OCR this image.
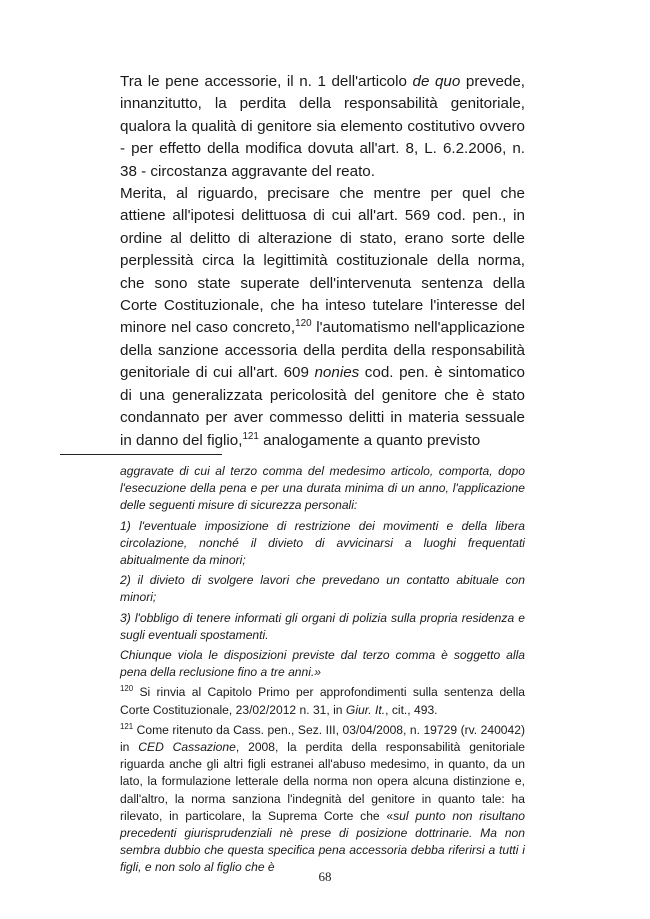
Tra le pene accessorie, il n. 1 dell'articolo de quo prevede, innanzitutto, la perdita della responsabilità genitoriale, qualora la qualità di genitore sia elemento costitutivo ovvero - per effetto della modifica dovuta all'art. 8, L. 6.2.2006, n. 38 - circostanza aggravante del reato.

Merita, al riguardo, precisare che mentre per quel che attiene all'ipotesi delittuosa di cui all'art. 569 cod. pen., in ordine al delitto di alterazione di stato, erano sorte delle perplessità circa la legittimità costituzionale della norma, che sono state superate dell'intervenuta sentenza della Corte Costituzionale, che ha inteso tutelare l'interesse del minore nel caso concreto,$^{120}$ l'automatismo nell'applicazione della sanzione accessoria della perdita della responsabilità genitoriale di cui all'art. 609 nonies cod. pen. è sintomatico di una generalizzata pericolosità del genitore che è stato condannato per aver commesso delitti in materia sessuale in danno del figlio,$^{121}$ analogamente a quanto previsto

aggravate di cui al terzo comma del medesimo articolo, comporta, dopo l'esecuzione della pena e per una durata minima di un anno, l'applicazione delle seguenti misure di sicurezza personali:

1) l'eventuale imposizione di restrizione dei movimenti e della libera circolazione, nonché il divieto di avvicinarsi a luoghi frequentati abitualmente da minori;

2) il divieto di svolgere lavori che prevedano un contatto abituale con minori;

3) l'obbligo di tenere informati gli organi di polizia sulla propria residenza e sugli eventuali spostamenti.

Chiunque viola le disposizioni previste dal terzo comma è soggetto alla pena della reclusione fino a tre anni.»

$^{120}$ Si rinvia al Capitolo Primo per approfondimenti sulla sentenza della Corte Costituzionale, 23/02/2012 n. 31, in Giur. It., cit., 493.

$^{121}$ Come ritenuto da Cass. pen., Sez. III, 03/04/2008, n. 19729 (rv. 240042) in CED Cassazione, 2008, la perdita della responsabilità genitoriale riguarda anche gli altri figli estranei all'abuso medesimo, in quanto, da un lato, la formulazione letterale della norma non opera alcuna distinzione e, dall'altro, la norma sanziona l'indegnità del genitore in quanto tale: ha rilevato, in particolare, la Suprema Corte che «sul punto non risultano precedenti giurisprudenziali nè prese di posizione dottrinarie. Ma non sembra dubbio che questa specifica pena accessoria debba riferirsi a tutti i figli, e non solo al figlio che è

68
